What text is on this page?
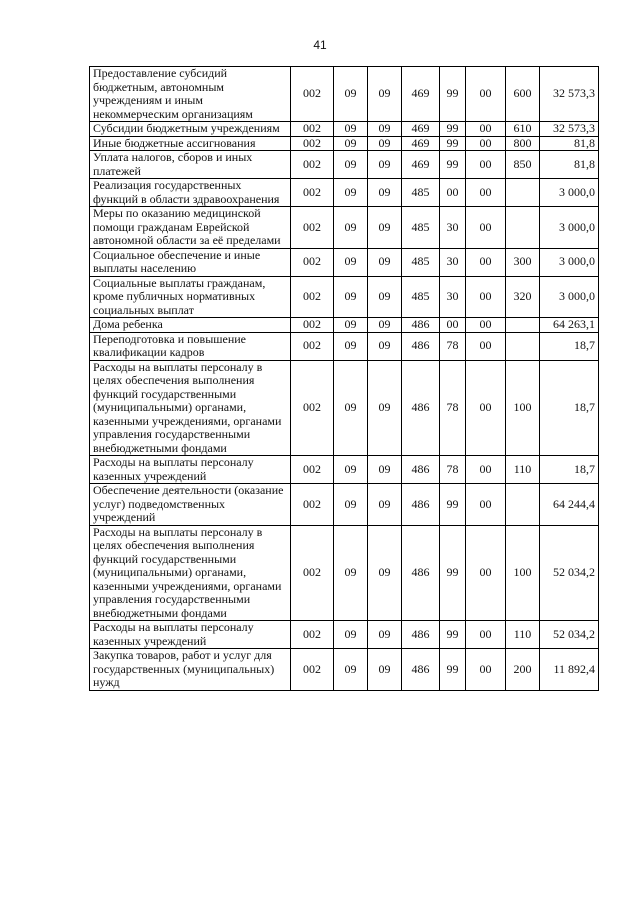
41
Предоставление субсидий бюджетным, автономным учреждениям и иным некоммерческим организациям	002	09	09	469	99	00	600	32 573,3
Субсидии бюджетным учреждениям	002	09	09	469	99	00	610	32 573,3
Иные бюджетные ассигнования	002	09	09	469	99	00	800	81,8
Уплата налогов, сборов и иных платежей	002	09	09	469	99	00	850	81,8
Реализация государственных функций в области здравоохранения	002	09	09	485	00	00		3 000,0
Меры по оказанию медицинской помощи гражданам Еврейской автономной области за её пределами	002	09	09	485	30	00		3 000,0
Социальное обеспечение и иные выплаты населению	002	09	09	485	30	00	300	3 000,0
Социальные выплаты гражданам, кроме публичных нормативных социальных выплат	002	09	09	485	30	00	320	3 000,0
Дома ребенка	002	09	09	486	00	00		64 263,1
Переподготовка и повышение квалификации кадров	002	09	09	486	78	00		18,7
Расходы на выплаты персоналу в целях обеспечения выполнения функций государственными (муниципальными) органами, казенными учреждениями, органами управления государственными внебюджетными фондами	002	09	09	486	78	00	100	18,7
Расходы на выплаты персоналу казенных учреждений	002	09	09	486	78	00	110	18,7
Обеспечение деятельности (оказание услуг) подведомственных учреждений	002	09	09	486	99	00		64 244,4
Расходы на выплаты персоналу в целях обеспечения выполнения функций государственными (муниципальными) органами, казенными учреждениями, органами управления государственными внебюджетными фондами	002	09	09	486	99	00	100	52 034,2
Расходы на выплаты персоналу казенных учреждений	002	09	09	486	99	00	110	52 034,2
Закупка товаров, работ и услуг для государственных (муниципальных) нужд	002	09	09	486	99	00	200	11 892,4
